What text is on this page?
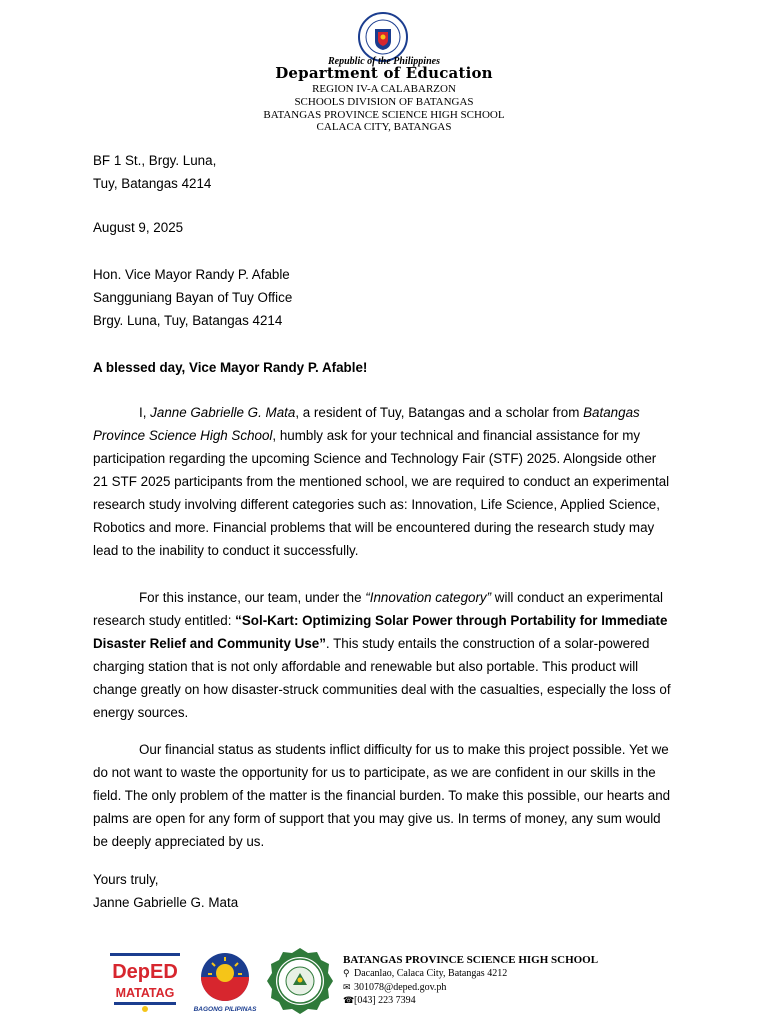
Republic of the Philippines
Department of Education
REGION IV-A CALABARZON
SCHOOLS DIVISION OF BATANGAS
BATANGAS PROVINCE SCIENCE HIGH SCHOOL
CALACA CITY, BATANGAS
BF 1 St., Brgy. Luna,
Tuy, Batangas 4214
August 9, 2025
Hon. Vice Mayor Randy P. Afable
Sangguniang Bayan of Tuy Office
Brgy. Luna, Tuy, Batangas 4214
A blessed day, Vice Mayor Randy P. Afable!
I, Janne Gabrielle G. Mata, a resident of Tuy, Batangas and a scholar from Batangas Province Science High School, humbly ask for your technical and financial assistance for my participation regarding the upcoming Science and Technology Fair (STF) 2025. Alongside other 21 STF 2025 participants from the mentioned school, we are required to conduct an experimental research study involving different categories such as: Innovation, Life Science, Applied Science, Robotics and more. Financial problems that will be encountered during the research study may lead to the inability to conduct it successfully.
For this instance, our team, under the “Innovation category” will conduct an experimental research study entitled: “Sol-Kart: Optimizing Solar Power through Portability for Immediate Disaster Relief and Community Use”. This study entails the construction of a solar-powered charging station that is not only affordable and renewable but also portable. This product will change greatly on how disaster-struck communities deal with the casualties, especially the loss of energy sources.
Our financial status as students inflict difficulty for us to make this project possible. Yet we do not want to waste the opportunity for us to participate, as we are confident in our skills in the field. The only problem of the matter is the financial burden. To make this possible, our hearts and palms are open for any form of support that you may give us. In terms of money, any sum would be deeply appreciated by us.
Yours truly,
Janne Gabrielle G. Mata
DepED
MATATAG
BAGONG PILIPINAS
BATANGAS PROVINCE SCIENCE HIGH SCHOOL
⚲ Dacanlao, Calaca City, Batangas 4212
✉ 301078@deped.gov.ph
☎[043] 223 7394
